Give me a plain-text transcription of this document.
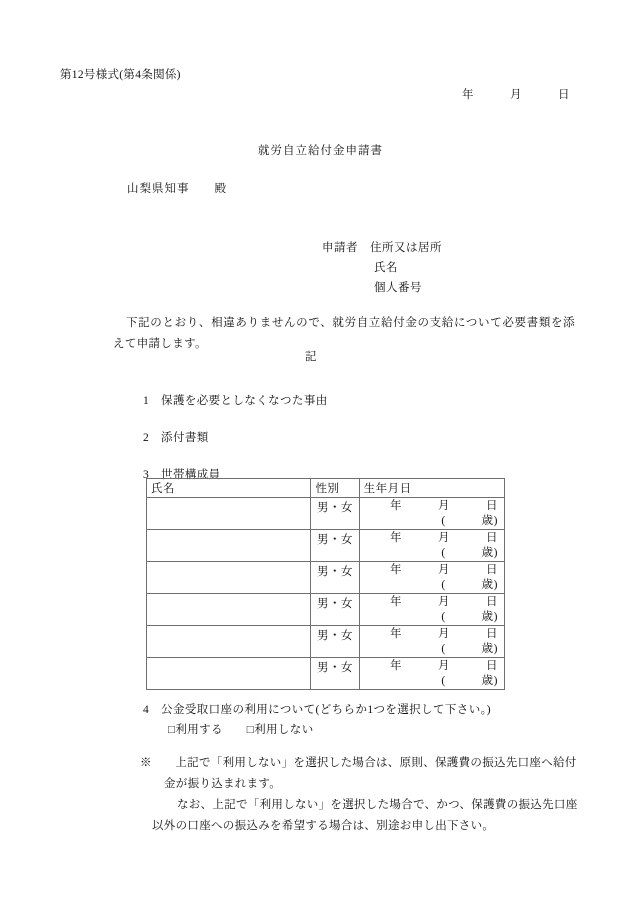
第12号様式(第4条関係)
年　　　月　　　日
就労自立給付金申請書
山梨県知事　　殿
申請者　住所又は居所
氏名
個人番号
下記のとおり、相違ありませんので、就労自立給付金の支給について必要書類を添えて申請します。
記
1　保護を必要としなくなつた事由
2　添付書類
3　世帯構成員
氏名	性別	生年月日
	男・女	年　　　月　　　日
(　　　歳)

	男・女	年　　　月　　　日
(　　　歳)

	男・女	年　　　月　　　日
(　　　歳)

	男・女	年　　　月　　　日
(　　　歳)

	男・女	年　　　月　　　日
(　　　歳)

	男・女	年　　　月　　　日
(　　　歳)
4　公金受取口座の利用について(どちらか1つを選択して下さい。)
□利用する　　□利用しない
※　　上記で「利用しない」を選択した場合は、原則、保護費の振込先口座へ給付
金が振り込まれます。
なお、上記で「利用しない」を選択した場合で、かつ、保護費の振込先口座
以外の口座への振込みを希望する場合は、別途お申し出下さい。
